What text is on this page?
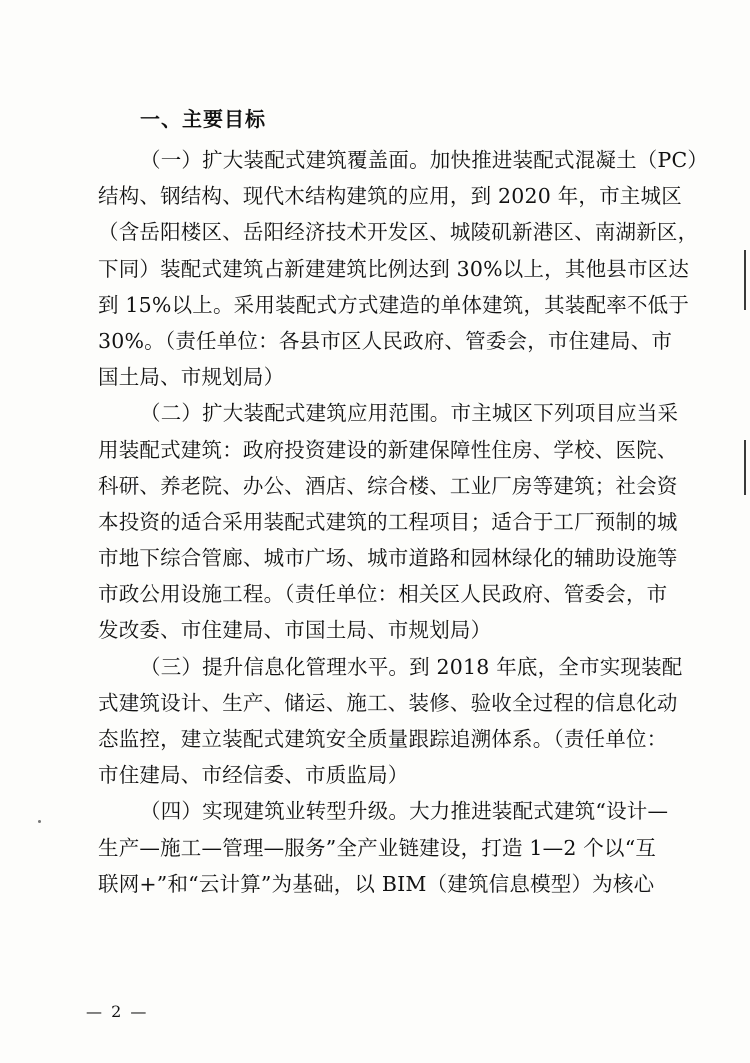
一、主要目标
（一）扩大装配式建筑覆盖面。加快推进装配式混凝土（PC）
结构、钢结构、现代木结构建筑的应用，到 2020 年，市主城区
（含岳阳楼区、岳阳经济技术开发区、城陵矶新港区、南湖新区，
下同）装配式建筑占新建建筑比例达到 30%以上，其他县市区达
到 15%以上。采用装配式方式建造的单体建筑，其装配率不低于
30%。（责任单位：各县市区人民政府、管委会，市住建局、市
国土局、市规划局）
（二）扩大装配式建筑应用范围。市主城区下列项目应当采
用装配式建筑：政府投资建设的新建保障性住房、学校、医院、
科研、养老院、办公、酒店、综合楼、工业厂房等建筑；社会资
本投资的适合采用装配式建筑的工程项目；适合于工厂预制的城
市地下综合管廊、城市广场、城市道路和园林绿化的辅助设施等
市政公用设施工程。（责任单位：相关区人民政府、管委会，市
发改委、市住建局、市国土局、市规划局）
（三）提升信息化管理水平。到 2018 年底，全市实现装配
式建筑设计、生产、储运、施工、装修、验收全过程的信息化动
态监控，建立装配式建筑安全质量跟踪追溯体系。（责任单位：
市住建局、市经信委、市质监局）
（四）实现建筑业转型升级。大力推进装配式建筑“设计—
生产—施工—管理—服务”全产业链建设，打造 1—2 个以“互
联网+”和“云计算”为基础，以 BIM（建筑信息模型）为核心
— 2 —
